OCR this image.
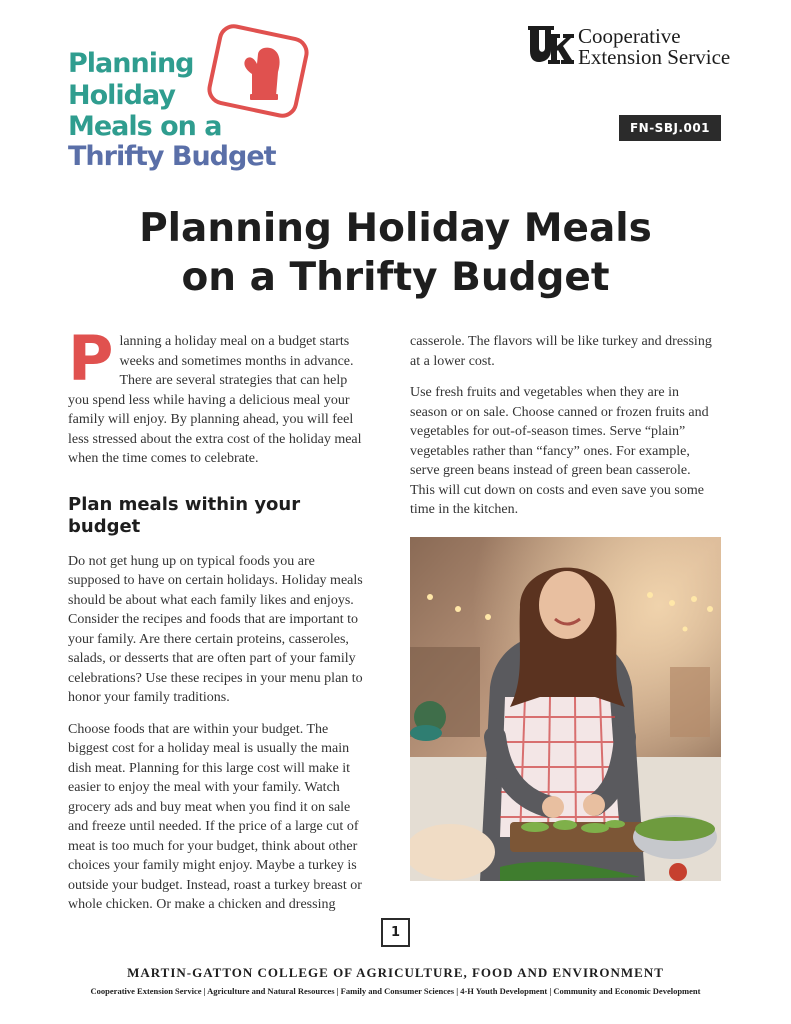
Planning
Holiday
Meals on a
Thrifty Budget
Cooperative
Extension Service
FN-SBJ.001
Planning Holiday Meals
on a Thrifty Budget

Planning a holiday meal on a budget starts weeks and sometimes months in advance. There are several strategies that can help you spend less while having a delicious meal your family will enjoy. By planning ahead, you will feel less stressed about the extra cost of the holiday meal when the time comes to celebrate.

Plan meals within your budget

Do not get hung up on typical foods you are supposed to have on certain holidays. Holiday meals should be about what each family likes and enjoys. Consider the recipes and foods that are important to your family. Are there certain proteins, casseroles, salads, or desserts that are often part of your family celebrations? Use these recipes in your menu plan to honor your family traditions.

Choose foods that are within your budget. The biggest cost for a holiday meal is usually the main dish meat. Planning for this large cost will make it easier to enjoy the meal with your family. Watch grocery ads and buy meat when you find it on sale and freeze until needed. If the price of a large cut of meat is too much for your budget, think about other choices your family might enjoy. Maybe a turkey is outside your budget. Instead, roast a turkey breast or whole chicken. Or make a chicken and dressing

casserole. The flavors will be like turkey and dressing at a lower cost.

Use fresh fruits and vegetables when they are in season or on sale. Choose canned or frozen fruits and vegetables for out-of-season times. Serve “plain” vegetables rather than “fancy” ones. For example, serve green beans instead of green bean casserole. This will cut down on costs and even save you some time in the kitchen.

1
MARTIN-GATTON COLLEGE OF AGRICULTURE, FOOD AND ENVIRONMENT
Cooperative Extension Service | Agriculture and Natural Resources | Family and Consumer Sciences | 4-H Youth Development | Community and Economic Development
